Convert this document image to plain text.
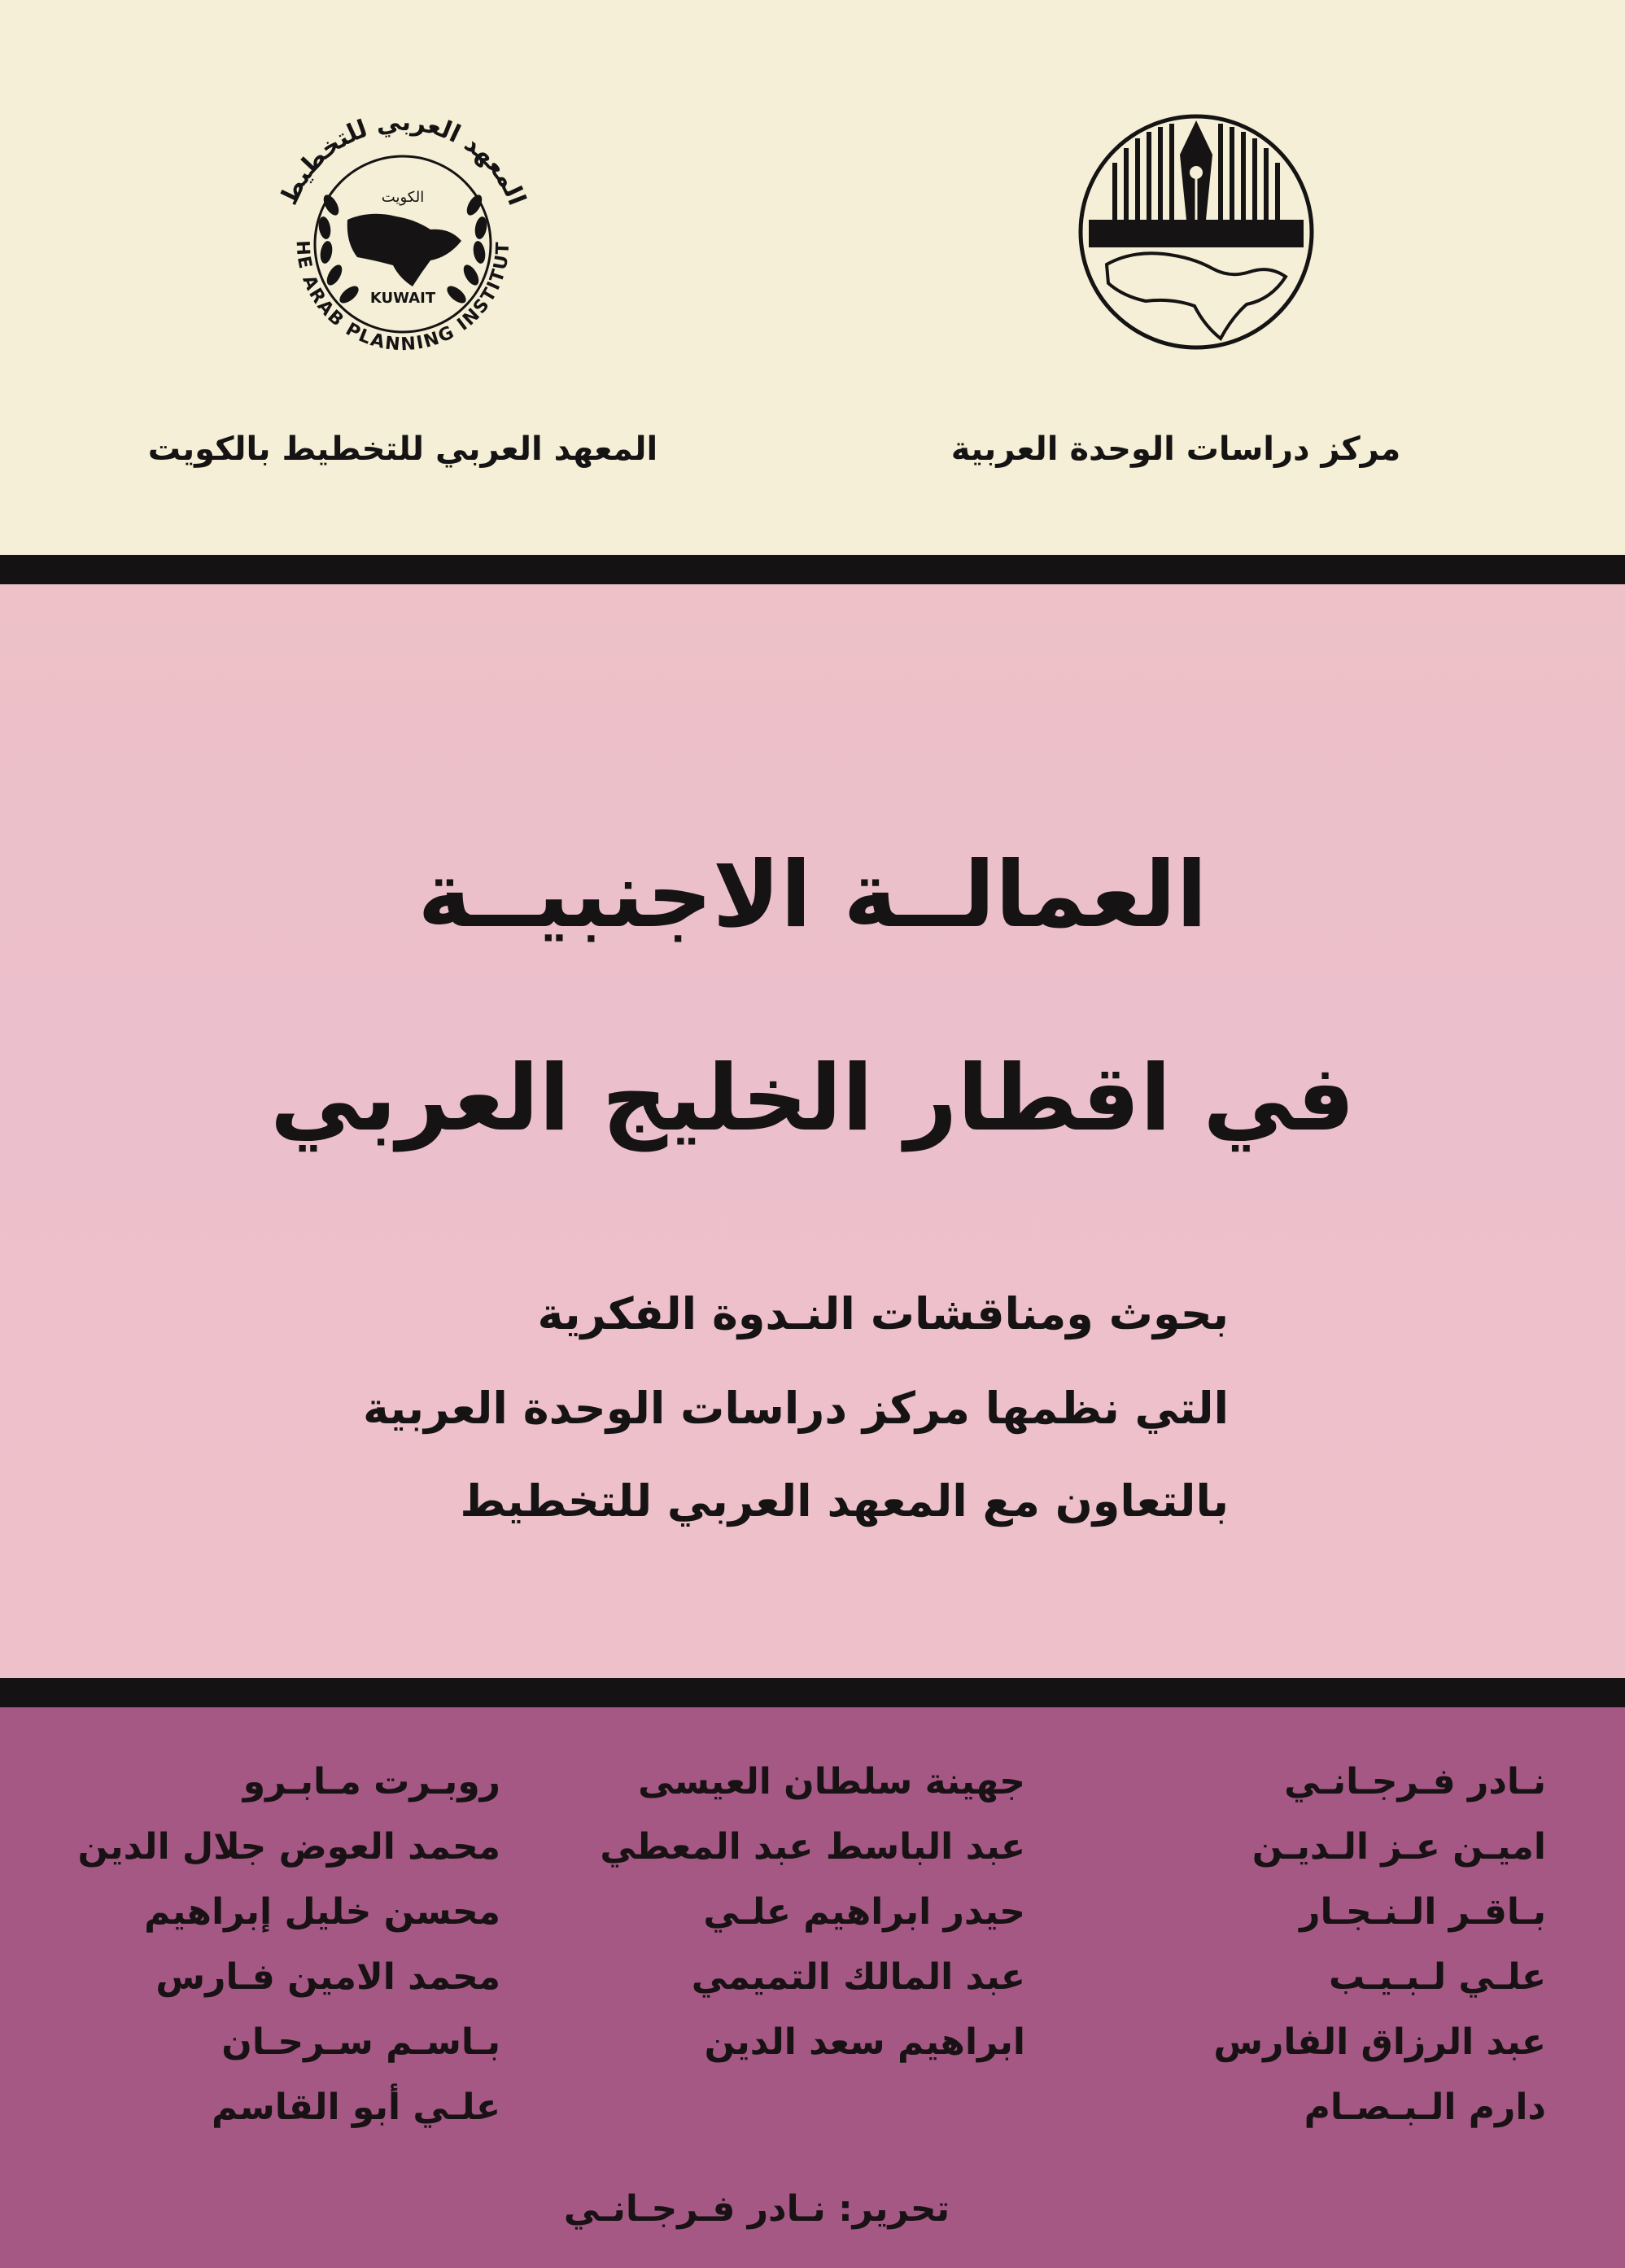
المعهد العربي للتخطيط
HE ARAB PLANNING INSTITUT
الكويت
KUWAIT
مركز دراسات الوحدة العربية
المعهد العربي للتخطيط بالكويت
العمالــة الاجنبيــة
في اقطار الخليج العربي
بحوث ومناقشات النـدوة الفكرية
التي نظمها مركز دراسات الوحدة العربية
بالتعاون مع المعهد العربي للتخطيط
نـادر فـرجـانـي
اميـن عـز الـديـن
بـاقـر الـنـجـار
علـي لـبـيـب
عبد الرزاق الفارس
دارم الـبـصـام
جهينة سلطان العيسى
عبد الباسط عبد المعطي
حيدر ابراهيم علـي
عبد المالك التميمي
ابراهيم سعد الدين
روبـرت مـابـرو
محمد العوض جلال الدين
محسن خليل إبراهيم
محمد الامين فـارس
بـاسـم سـرحـان
علـي أبو القاسم
تحرير: نـادر فـرجـانـي
